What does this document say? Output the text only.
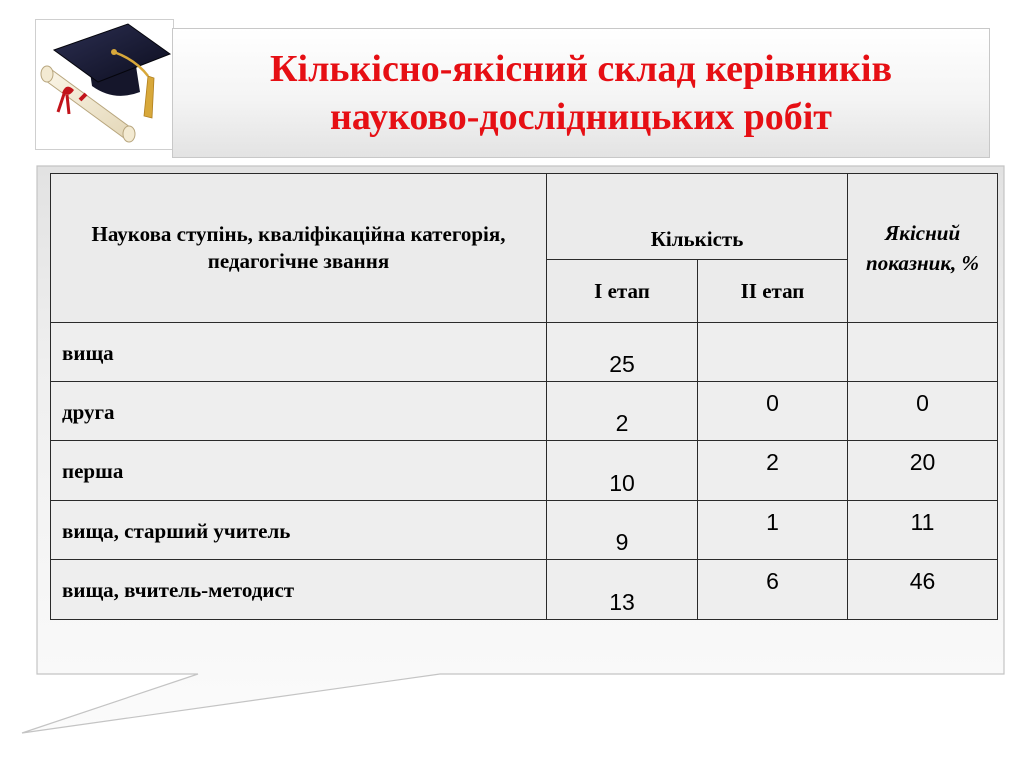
Кількісно-якісний склад керівників
науково-дослідницьких робіт
Наукова ступінь, кваліфікаційна категорія, педагогічне звання	Кількість		Якісний показник, %
	І етап	ІІ етап	
вища	25		
друга	2	0	0
перша	10	2	20
вища, старший учитель	9	1	11
вища, вчитель-методист	13	6	46
